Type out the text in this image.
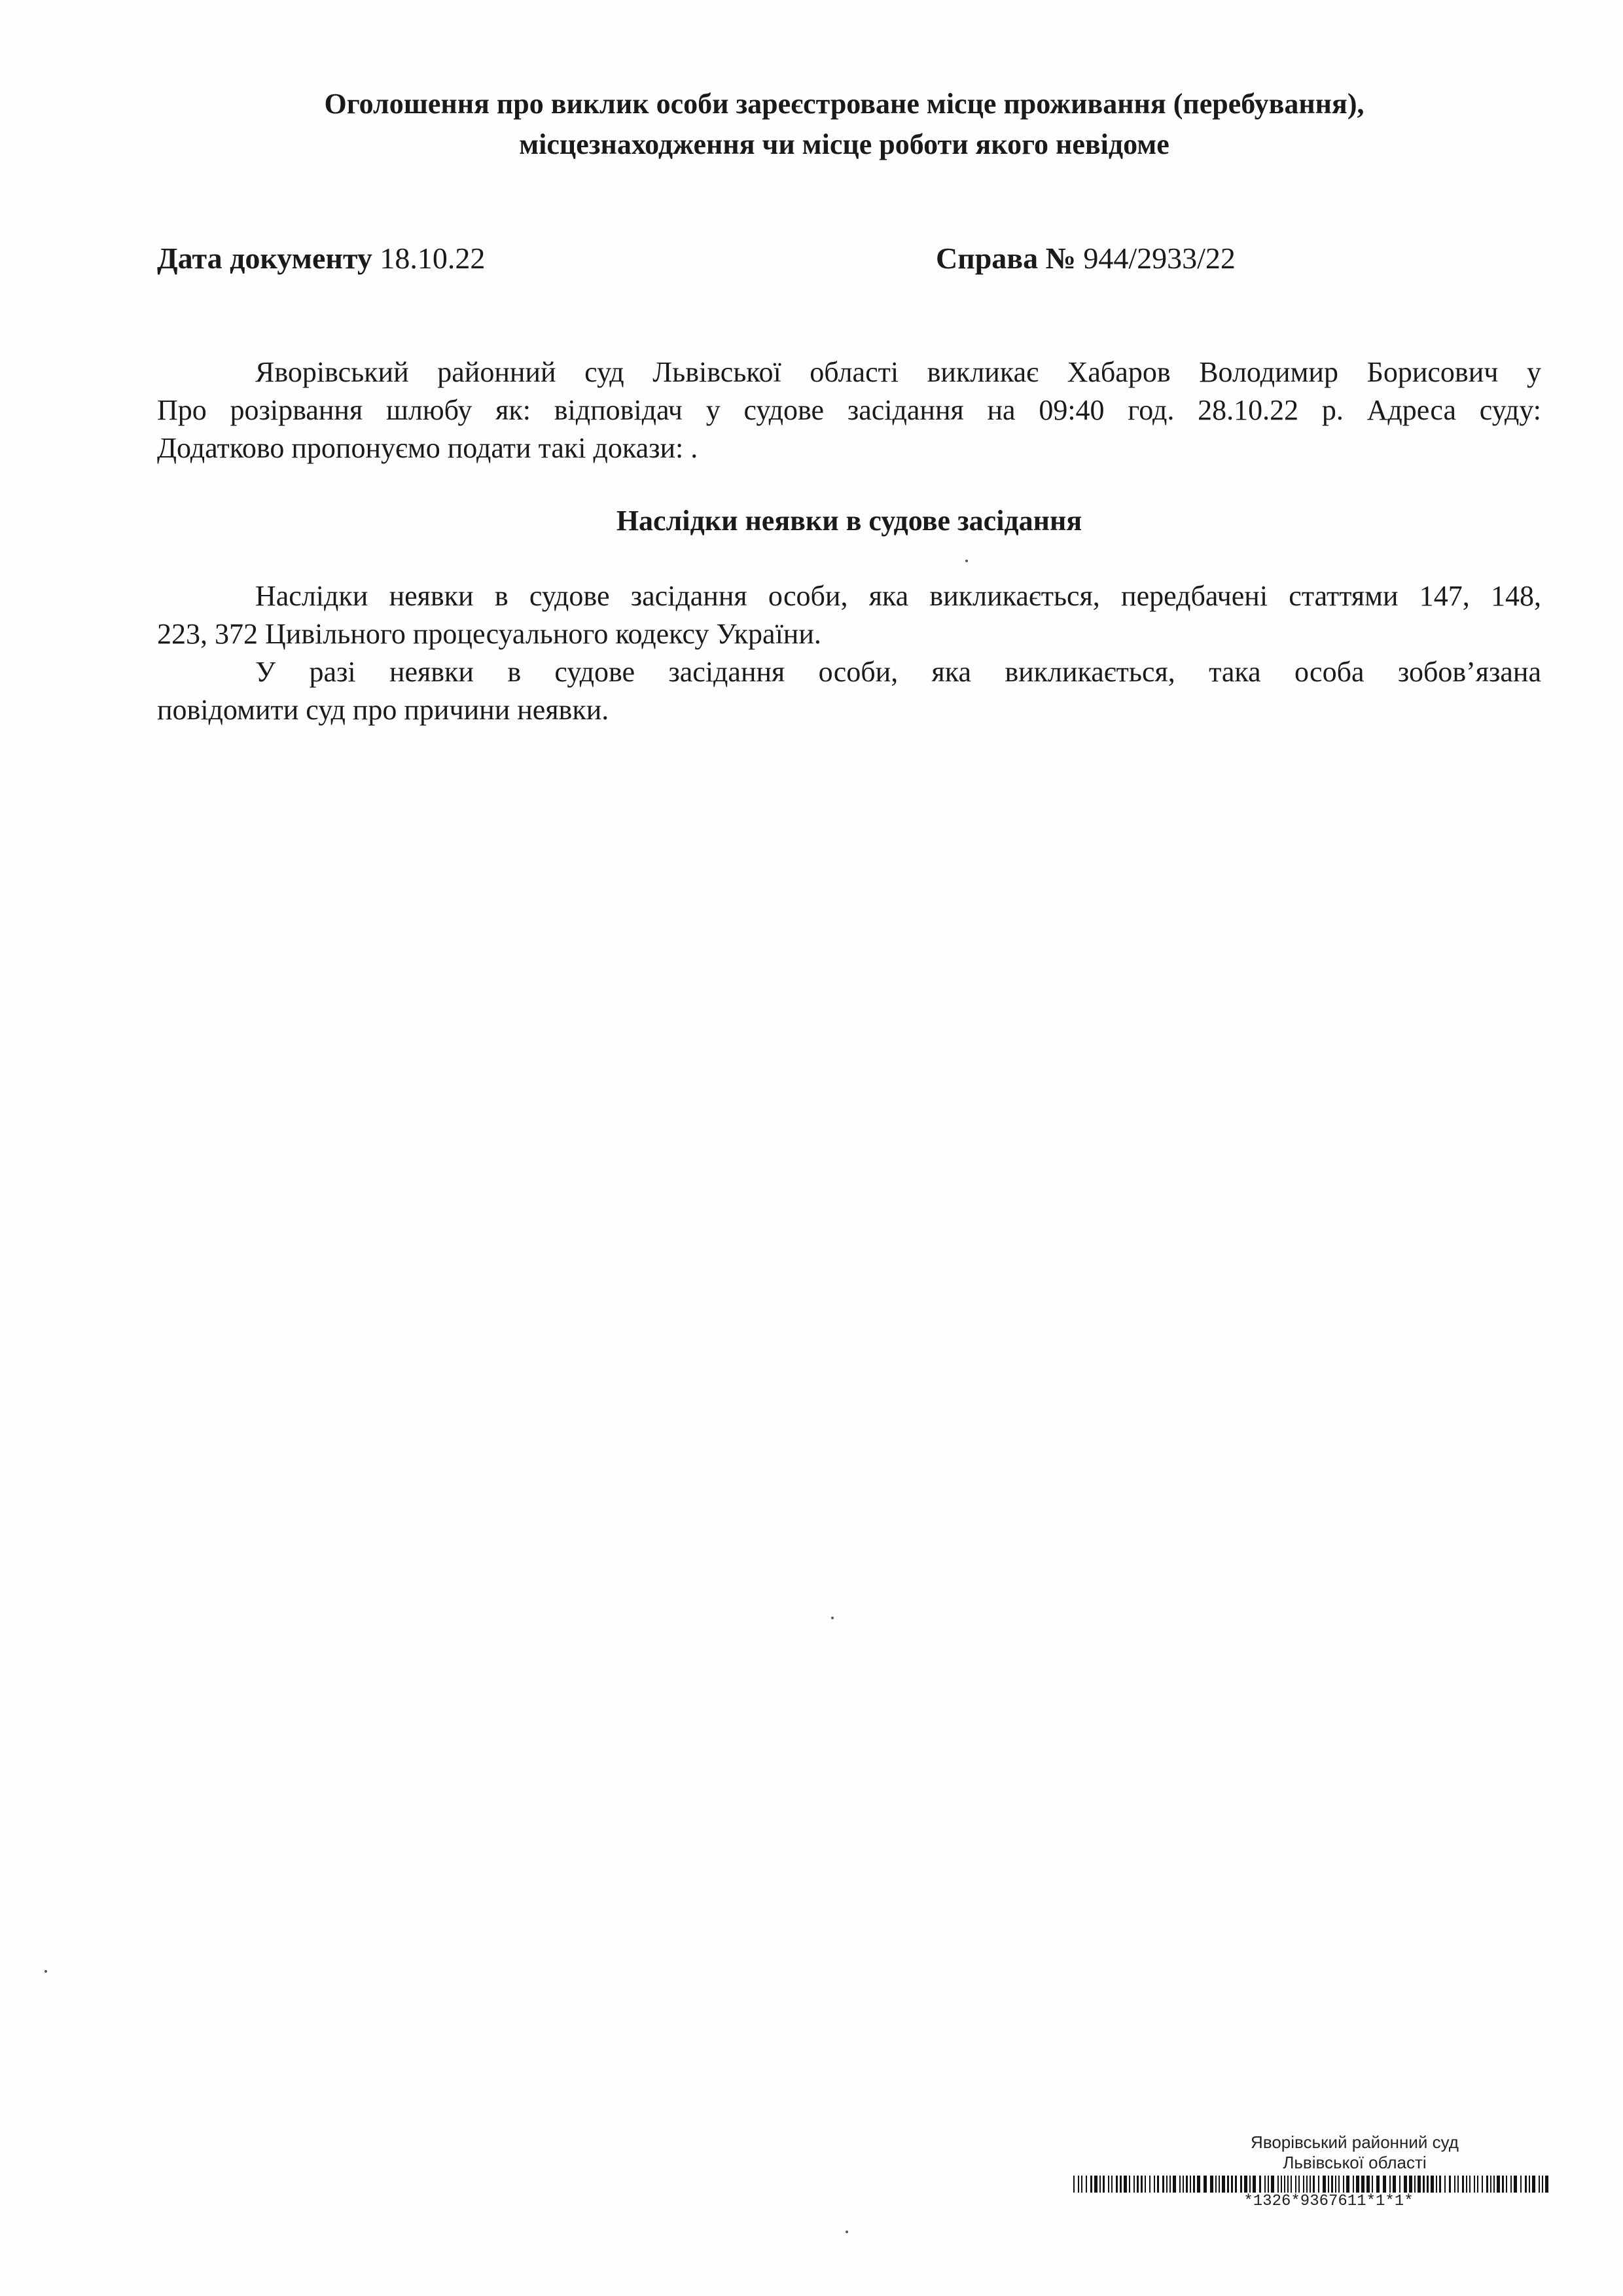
Оголошення про виклик особи зареєстроване місце проживання (перебування),
місцезнаходження чи місце роботи якого невідоме
Дата документу 18.10.22	Справа № 944/2933/22
Яворівський районний суд Львівської області викликає Хабаров Володимир Борисович у
Про розірвання шлюбу як: відповідач у судове засідання на 09:40 год. 28.10.22 р. Адреса суду:
Додатково пропонуємо подати такі докази: .
Наслідки неявки в судове засідання
Наслідки неявки в судове засідання особи, яка викликається, передбачені статтями 147, 148,
223, 372 Цивільного процесуального кодексу України.
У разі неявки в судове засідання особи, яка викликається, така особа зобов’язана
повідомити суд про причини неявки.
Яворівський районний суд
Львівської області
*1326*9367611*1*1*
